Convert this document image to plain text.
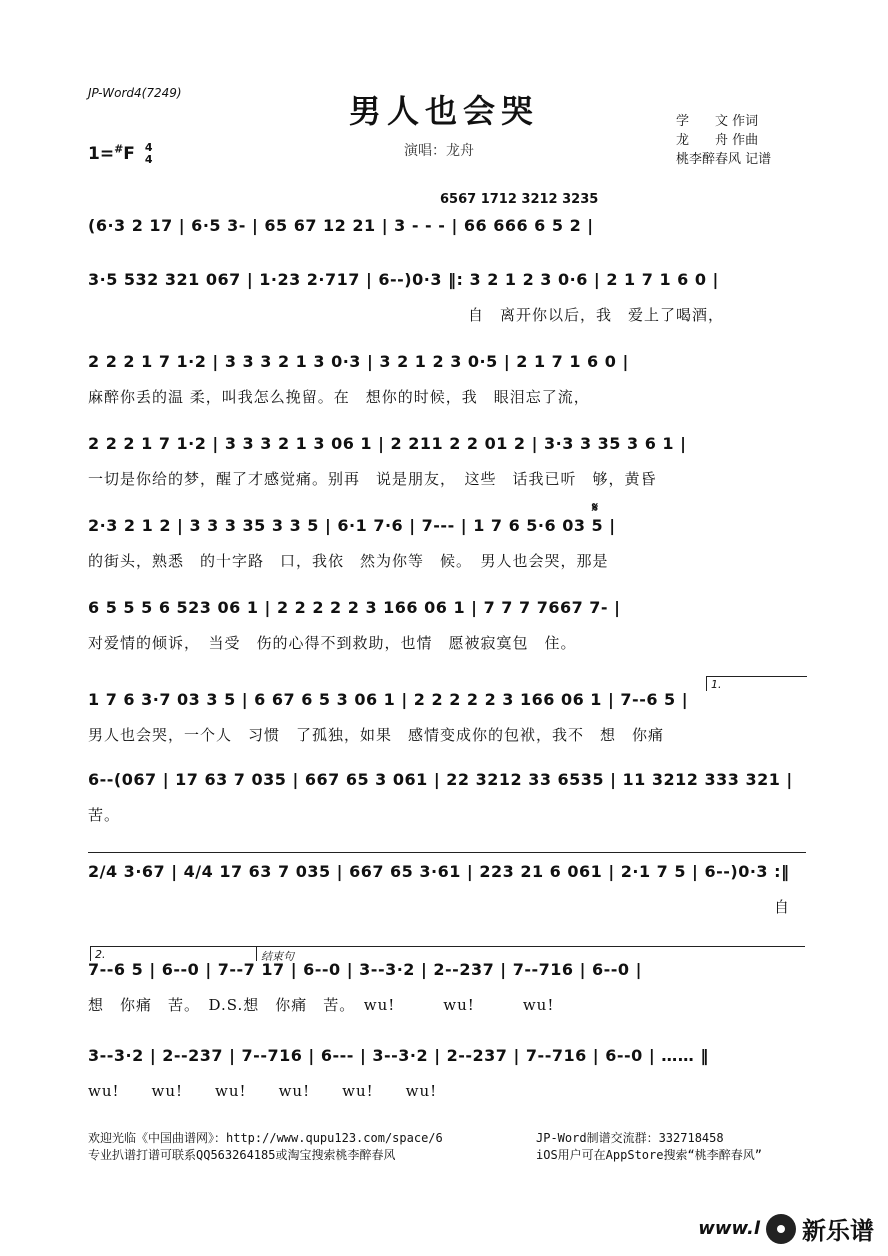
JP-Word4(7249)	男人也会哭
1=#F 4
4
演唱：龙舟
学　　文 作词
龙　　舟 作曲
桃李醉春风 记谱
6567 1712 3212 3235
(6·3 2 17 | 6·5 3- | 65 67 12 21 | 3 - - - | 66 666 6 5 2 |
3·5 532 321 067 | 1·23 2·717 | 6--)0·3 ‖: 3 2 1 2 3 0·6 | 2 1 7 1 6 0 |
自　离开你以后，我　爱上了喝酒，
2 2 2 1 7 1·2 | 3 3 3 2 1 3 0·3 | 3 2 1 2 3 0·5 | 2 1 7 1 6 0 |
麻醉你丢的温 柔，叫我怎么挽留。在　想你的时候，我　眼泪忘了流，
2 2 2 1 7 1·2 | 3 3 3 2 1 3 06 1 | 2 211 2 2 01 2 | 3·3 3 35 3 6 1 |
一切是你给的梦，醒了才感觉痛。别再　说是朋友，　这些　话我已听　够，黄昏
2·3 2 1 2 | 3 3 3 35 3 3 5 | 6·1 7·6 | 7--- | 1 7 6 5·6 03 5 |
的街头，熟悉　的十字路　口，我依　然为你等　候。　男人也会哭，那是
6 5 5 5 6 523 06 1 | 2 2 2 2 2 3 166 06 1 | 7 7 7 7667 7- |
对爱情的倾诉，　当受　伤的心得不到救助，也情　愿被寂寞包　住。
1 7 6 3·7 03 3 5 | 6 67 6 5 3 06 1 | 2 2 2 2 2 3 166 06 1 | 7--6 5 |
男人也会哭，一个人　习惯　了孤独，如果　感情变成你的包袱，我不　想　你痛
6--(067 | 17 63 7 035 | 667 65 3 061 | 22 3212 33 6535 | 11 3212 333 321 |
苦。
2/4 3·67 | 4/4 17 63 7 035 | 667 65 3·61 | 223 21 6 061 | 2·1 7 5 | 6--)0·3 :‖
自
7--6 5 | 6--0 | 7--7 17 | 6--0 | 3--3·2 | 2--237 | 7--716 | 6--0 |
想　你痛　苦。　D.S.想　你痛　苦。　wu!　　　wu!　　　wu!
3--3·2 | 2--237 | 7--716 | 6--- | 3--3·2 | 2--237 | 7--716 | 6--0 | …… ‖
wu!　　wu!　　wu!　　wu!　　wu!　　wu!
1.
2.	结束句
𝄋
欢迎光临《中国曲谱网》：http://www.qupu123.com/space/6
专业扒谱打谱可联系QQ563264185或淘宝搜索桃李醉春风
JP-Word制谱交流群：332718458
iOS用户可在AppStore搜索“桃李醉春风”
www.l 新乐谱
